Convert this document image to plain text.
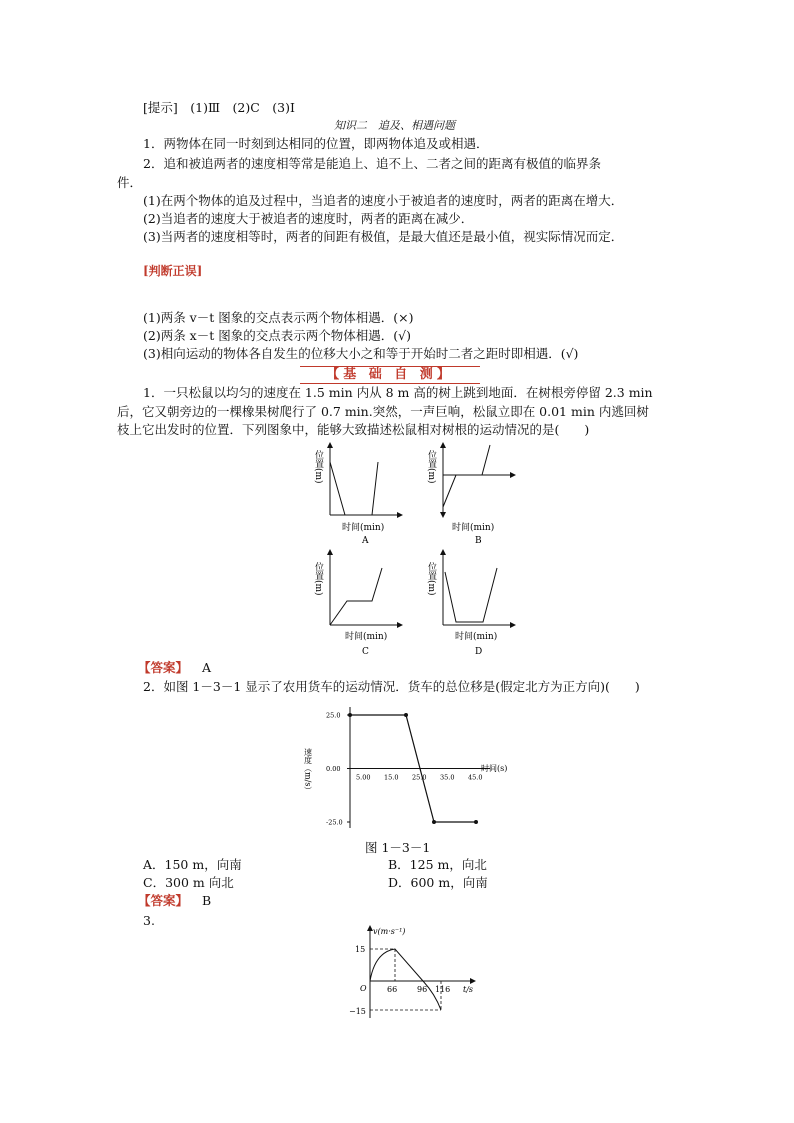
[提示]　(1)Ⅲ　(2)C　(3)Ⅰ
知识二　追及、相遇问题
1．两物体在同一时刻到达相同的位置，即两物体追及或相遇．
2．追和被追两者的速度相等常是能追上、追不上、二者之间的距离有极值的临界条
件．
(1)在两个物体的追及过程中，当追者的速度小于被追者的速度时，两者的距离在增大．
(2)当追者的速度大于被追者的速度时，两者的距离在减少．
(3)当两者的速度相等时，两者的间距有极值，是最大值还是最小值，视实际情况而定．
[判断正误]
(1)两条 v－t 图象的交点表示两个物体相遇．(×)
(2)两条 x－t 图象的交点表示两个物体相遇．(√)
(3)相向运动的物体各自发生的位移大小之和等于开始时二者之距时即相遇．(√)
【基 础 自 测】
1．一只松鼠以均匀的速度在 1.5 min 内从 8 m 高的树上跳到地面．在树根旁停留 2.3 min
后，它又朝旁边的一棵橡果树爬行了 0.7 min.突然，一声巨响，松鼠立即在 0.01 min 内逃回树
枝上它出发时的位置．下列图象中，能够大致描述松鼠相对树根的运动情况的是(　　)
位置(m)
时间(min)
A
位置(m)
时间(min)
B
位置(m)
时间(min)
C
位置(m)
时间(min)
D
【答案】 A
2．如图 1－3－1 显示了农用货车的运动情况．货车的总位移是(假定北方为正方向)(　　)
5.00 15.0 25.0 35.0 45.0
25.0
0.00
-25.0
速度（m/s）	时间(s)
图 1－3－1
A．150 m，向南	B．125 m，向北
C．300 m 向北	D．600 m，向南
【答案】 B
3.
v(m·s⁻¹)
t/s
O	66 96 116
15
−15
